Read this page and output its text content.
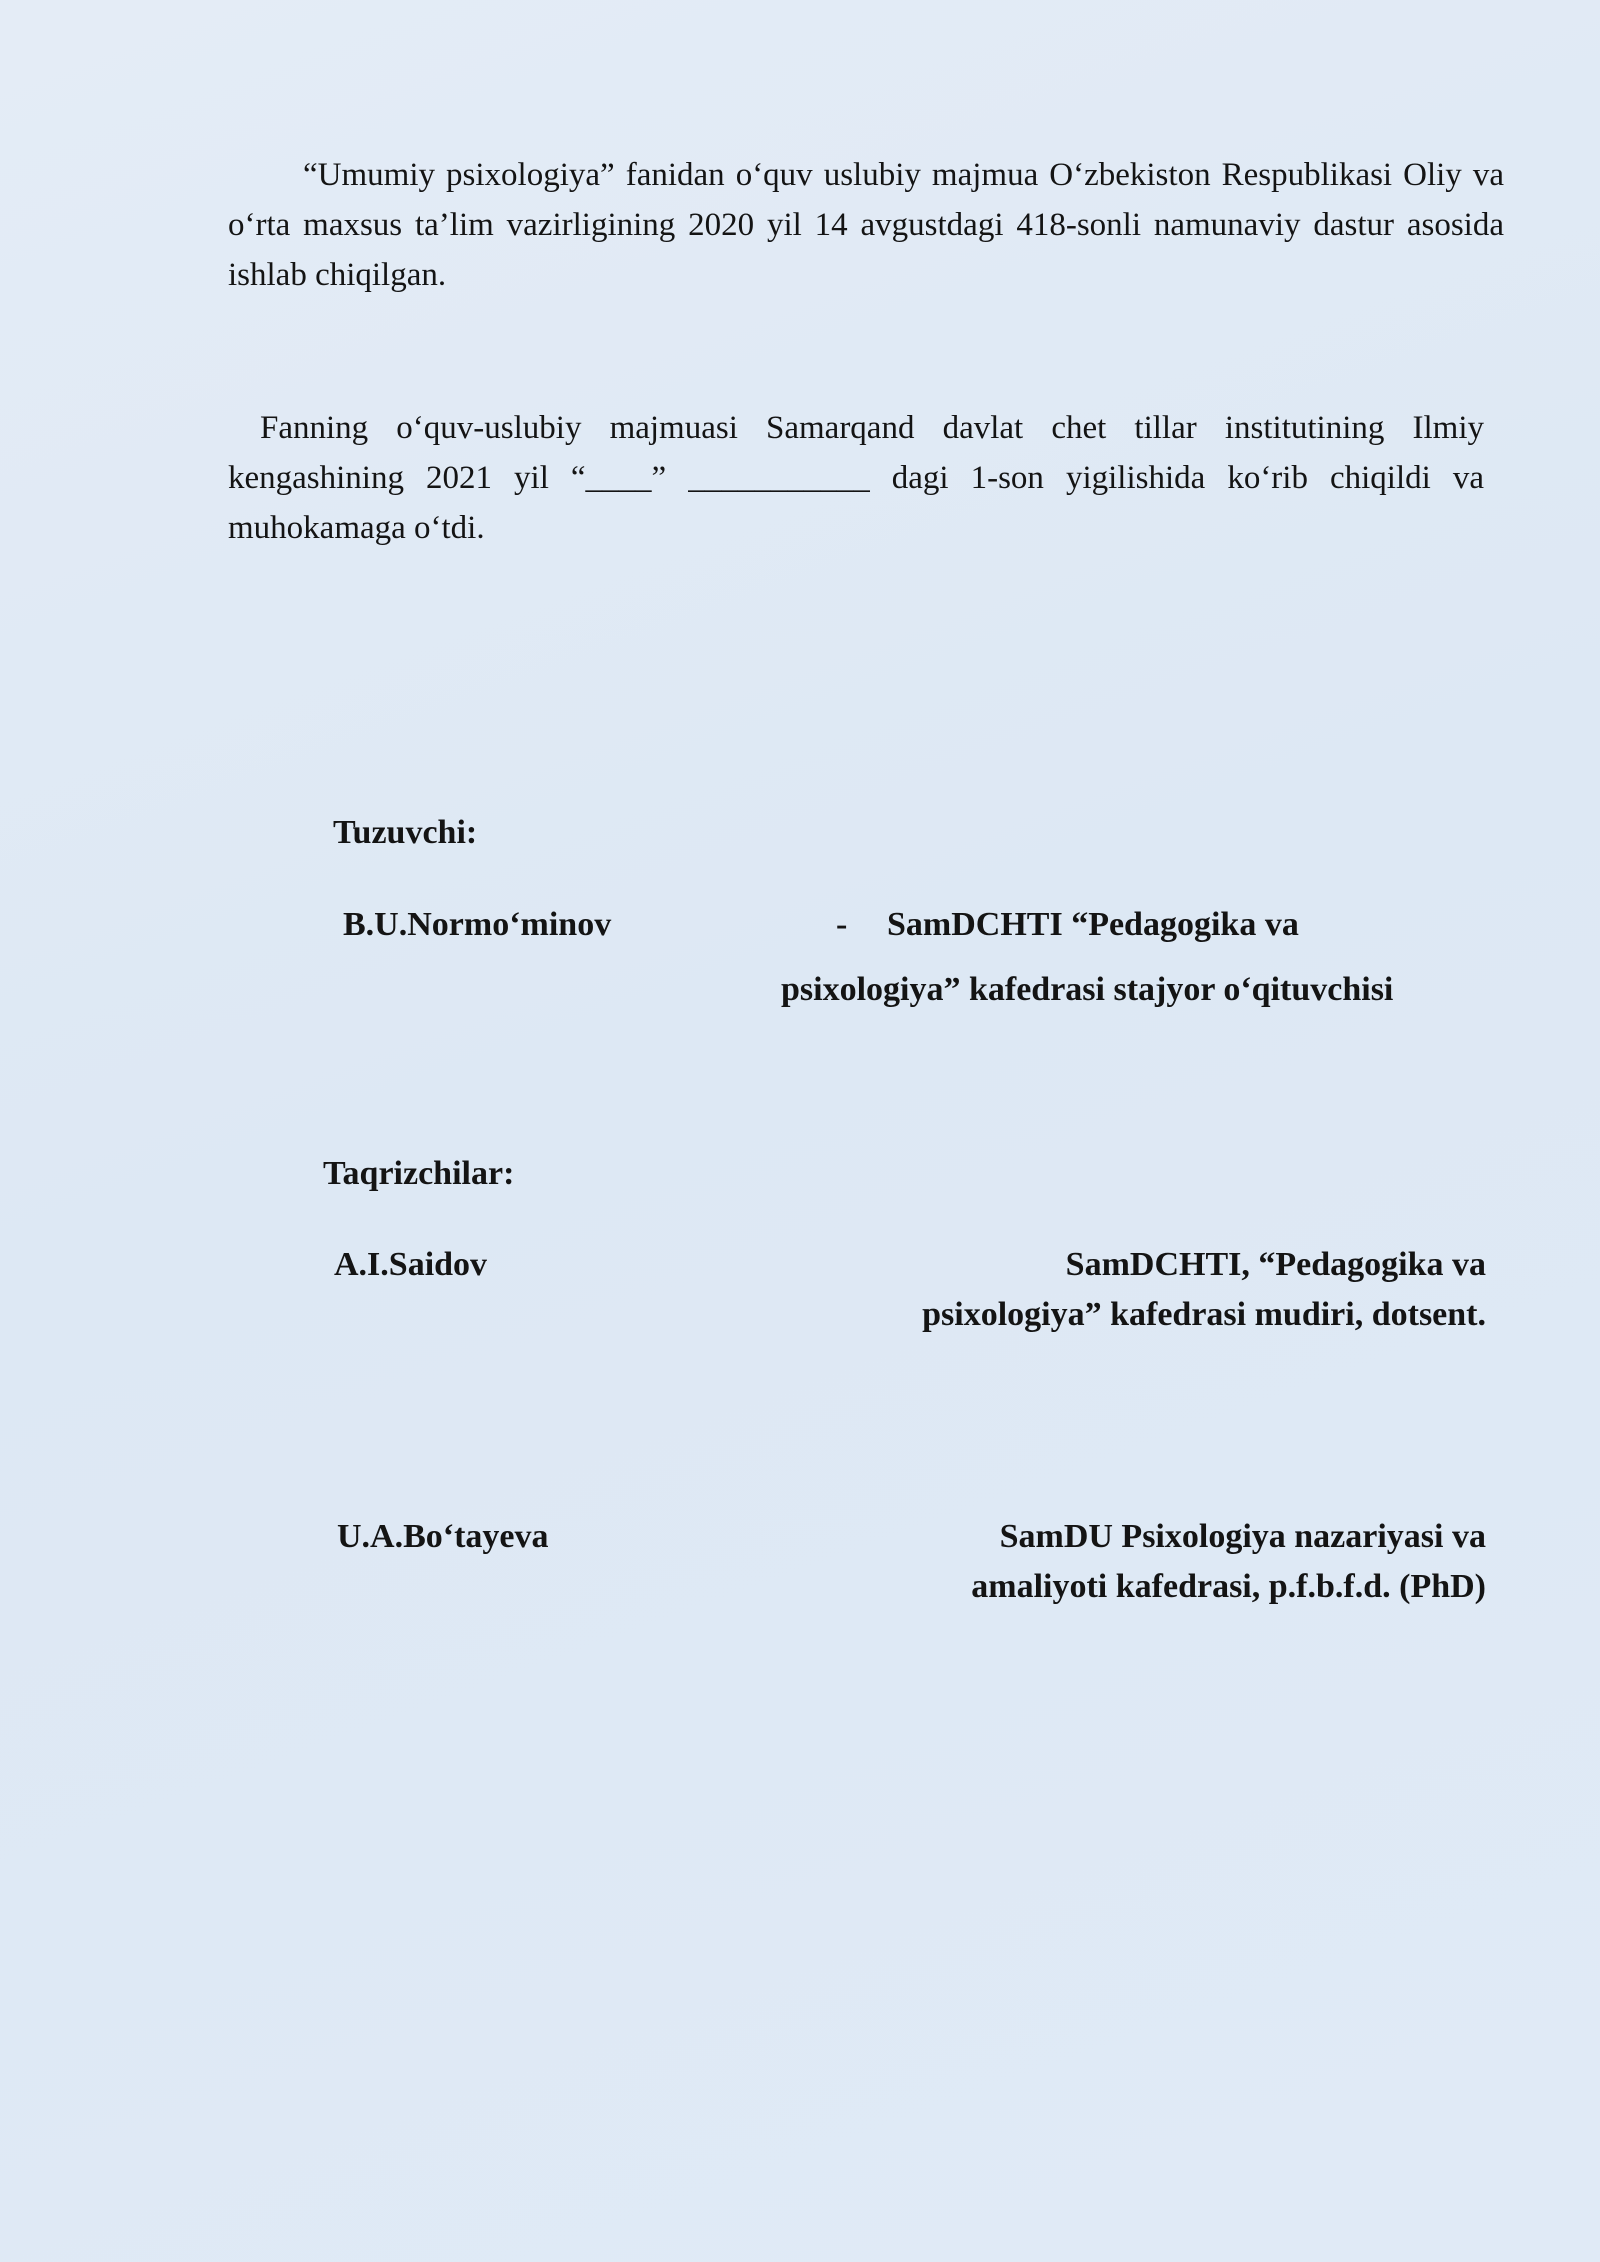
“Umumiy psixologiya” fanidan o‘quv uslubiy majmua O‘zbekiston Respublikasi Oliy va o‘rta maxsus ta’lim vazirligining 2020 yil 14 avgustdagi 418-sonli namunaviy dastur asosida ishlab chiqilgan.

Fanning o‘quv-uslubiy majmuasi Samarqand davlat chet tillar institutining Ilmiy kengashining 2021 yil “____” ___________ dagi 1-son yigilishida ko‘rib chiqildi va muhokamaga o‘tdi.

Tuzuvchi:
B.U.Normo‘minov	- SamDCHTI “Pedagogika va
psixologiya” kafedrasi stajyor o‘qituvchisi
Taqrizchilar:
A.I.Saidov	SamDCHTI, “Pedagogika va
psixologiya” kafedrasi mudiri, dotsent.
U.A.Bo‘tayeva	SamDU Psixologiya nazariyasi va
amaliyoti kafedrasi, p.f.b.f.d. (PhD)
